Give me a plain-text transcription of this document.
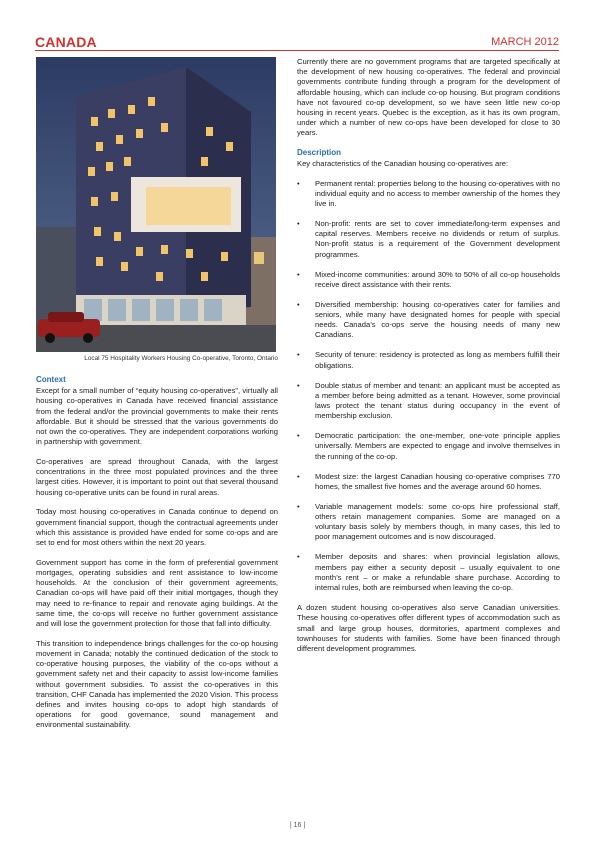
CANADA	MARCH 2012
Local 75 Hospitality Workers Housing Co-operative, Toronto, Ontario
Context

Except for a small number of “equity housing co-operatives”, virtually all housing co-operatives in Canada have received financial assistance from the federal and/or the provincial governments to make their rents affordable. But it should be stressed that the various governments do not own the co-operatives. They are independent corporations working in partnership with government.

Co-operatives are spread throughout Canada, with the largest concentrations in the three most populated provinces and the three largest cities. However, it is important to point out that several thousand housing co-operative units can be found in rural areas.

Today most housing co-operatives in Canada continue to depend on government financial support, though the contractual agreements under which this assistance is provided have ended for some co-ops and are set to end for most others within the next 20 years.

Government support has come in the form of preferential government mortgages, operating subsidies and rent assistance to low-income households. At the conclusion of their government agreements, Canadian co-ops will have paid off their initial mortgages, though they may need to re-finance to repair and renovate aging buildings. At the same time, the co-ops will receive no further government assistance and will lose the government protection for those that fall into difficulty.

This transition to independence brings challenges for the co-op housing movement in Canada; notably the continued dedication of the stock to co-operative housing purposes, the viability of the co-ops without a government safety net and their capacity to assist low-income families without government subsidies. To assist the co-operatives in this transition, CHF Canada has implemented the 2020 Vision. This process defines and invites housing co-ops to adopt high standards of operations for good governance, sound management and environmental sustainability.

Currently there are no government programs that are targeted specifically at the development of new housing co-operatives. The federal and provincial governments contribute funding through a program for the development of affordable housing, which can include co-op housing. But program conditions have not favoured co-op development, so we have seen little new co-op housing in recent years. Quebec is the exception, as it has its own program, under which a number of new co-ops have been developed for close to 30 years.

Description

Key characteristics of the Canadian housing co-operatives are:

• Permanent rental: properties belong to the housing co-operatives with no individual equity and no access to member ownership of the homes they live in.
• Non-profit: rents are set to cover immediate/long-term expenses and capital reserves. Members receive no dividends or return of surplus. Non-profit status is a requirement of the Government development programmes.
• Mixed-income communities: around 30% to 50% of all co-op households receive direct assistance with their rents.
• Diversified membership: housing co-operatives cater for families and seniors, while many have designated homes for people with special needs. Canada’s co-ops serve the housing needs of many new Canadians.
• Security of tenure: residency is protected as long as members fulfill their obligations.
• Double status of member and tenant: an applicant must be accepted as a member before being admitted as a tenant. However, some provincial laws protect the tenant status during occupancy in the event of membership exclusion.
• Democratic participation: the one-member, one-vote principle applies universally. Members are expected to engage and involve themselves in the running of the co-op.
• Modest size: the largest Canadian housing co-operative comprises 770 homes, the smallest five homes and the average around 60 homes.
• Variable management models: some co-ops hire professional staff, others retain management companies. Some are managed on a voluntary basis solely by members though, in many cases, this led to poor management outcomes and is now discouraged.
• Member deposits and shares: when provincial legislation allows, members pay either a security deposit – usually equivalent to one month’s rent – or make a refundable share purchase. According to internal rules, both are reimbursed when leaving the co-op.

A dozen student housing co-operatives also serve Canadian universities. These housing co-operatives offer different types of accommodation such as small and large group houses, dormitories, apartment complexes and townhouses for students with families. Some have been financed through different development programmes.

| 16 |
